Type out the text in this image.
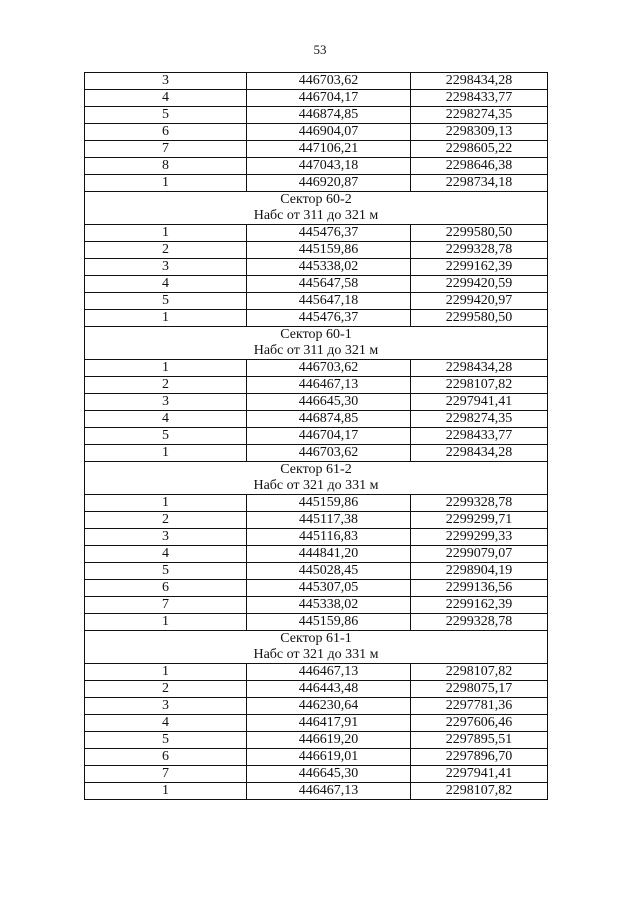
53
3	446703,62	2298434,28
4	446704,17	2298433,77
5	446874,85	2298274,35
6	446904,07	2298309,13
7	447106,21	2298605,22
8	447043,18	2298646,38
1	446920,87	2298734,18
Сектор 60-2		
Набс от 311 до 321 м		
1	445476,37	2299580,50
2	445159,86	2299328,78
3	445338,02	2299162,39
4	445647,58	2299420,59
5	445647,18	2299420,97
1	445476,37	2299580,50
Сектор 60-1		
Набс от 311 до 321 м		
1	446703,62	2298434,28
2	446467,13	2298107,82
3	446645,30	2297941,41
4	446874,85	2298274,35
5	446704,17	2298433,77
1	446703,62	2298434,28
Сектор 61-2		
Набс от 321 до 331 м		
1	445159,86	2299328,78
2	445117,38	2299299,71
3	445116,83	2299299,33
4	444841,20	2299079,07
5	445028,45	2298904,19
6	445307,05	2299136,56
7	445338,02	2299162,39
1	445159,86	2299328,78
Сектор 61-1		
Набс от 321 до 331 м		
1	446467,13	2298107,82
2	446443,48	2298075,17
3	446230,64	2297781,36
4	446417,91	2297606,46
5	446619,20	2297895,51
6	446619,01	2297896,70
7	446645,30	2297941,41
1	446467,13	2298107,82
